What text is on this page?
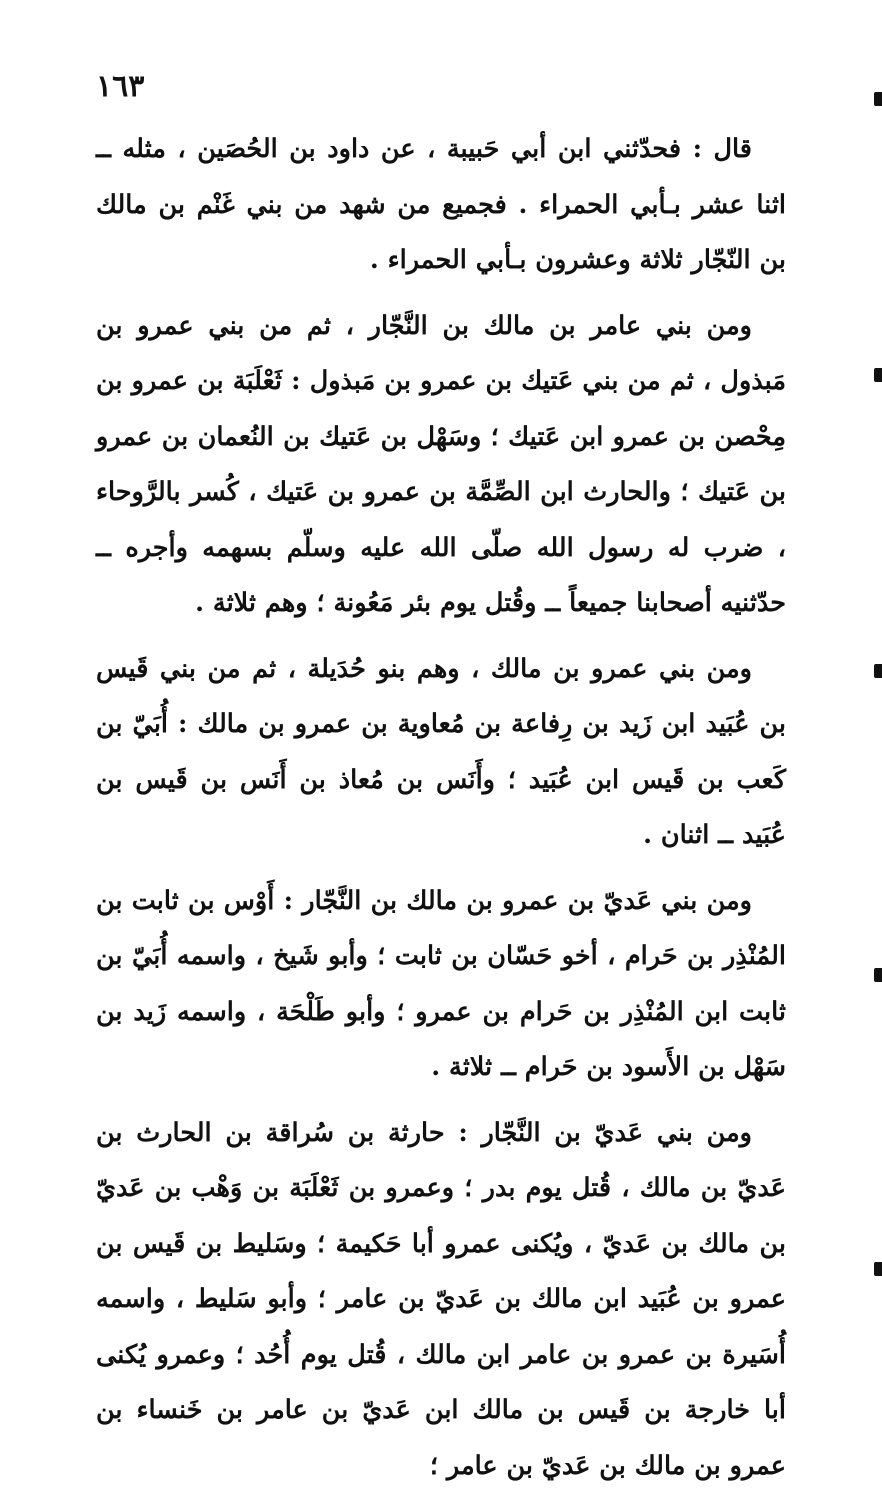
١٦٣

قال : فحدّثني ابن أبي حَبيبة ، عن داود بن الحُصَين ، مثله ــ اثنا عشر بـأبي الحمراء . فجميع من شهد من بني غَنْم بن مالك بن النّجّار ثلاثة وعشرون بـأبي الحمراء .

ومن بني عامر بن مالك بن النَّجّار ، ثم من بني عمرو بن مَبذول ، ثم من بني عَتيك بن عمرو بن مَبذول : ثَعْلَبَة بن عمرو بن مِحْصن بن عمرو ابن عَتيك ؛ وسَهْل بن عَتيك بن النُعمان بن عمرو بن عَتيك ؛ والحارث ابن الصِّمَّة بن عمرو بن عَتيك ، كُسر بالرَّوحاء ، ضرب له رسول الله صلّى الله عليه وسلّم بسهمه وأجره ــ حدّثنيه أصحابنا جميعاً ــ وقُتل يوم بئر مَعُونة ؛ وهم ثلاثة .

ومن بني عمرو بن مالك ، وهم بنو حُدَيلة ، ثم من بني قَيس بن عُبَيد ابن زَيد بن رِفاعة بن مُعاوية بن عمرو بن مالك : أُبَيّ بن كَعب بن قَيس ابن عُبَيد ؛ وأَنَس بن مُعاذ بن أَنَس بن قَيس بن عُبَيد ــ اثنان .

ومن بني عَديّ بن عمرو بن مالك بن النَّجّار : أَوْس بن ثابت بن المُنْذِر بن حَرام ، أخو حَسّان بن ثابت ؛ وأبو شَيخ ، واسمه أُبَيّ بن ثابت ابن المُنْذِر بن حَرام بن عمرو ؛ وأبو طَلْحَة ، واسمه زَيد بن سَهْل بن الأَسود بن حَرام ــ ثلاثة .

ومن بني عَديّ بن النَّجّار : حارثة بن سُراقة بن الحارث بن عَديّ بن مالك ، قُتل يوم بدر ؛ وعمرو بن ثَعْلَبَة بن وَهْب بن عَديّ بن مالك بن عَديّ ، ويُكنى عمرو أبا حَكيمة ؛ وسَليط بن قَيس بن عمرو بن عُبَيد ابن مالك بن عَديّ بن عامر ؛ وأبو سَليط ، واسمه أُسَيرة بن عمرو بن عامر ابن مالك ، قُتل يوم أُحُد ؛ وعمرو يُكنى أبا خارجة بن قَيس بن مالك ابن عَديّ بن عامر بن خَنساء بن عمرو بن مالك بن عَديّ بن عامر ؛
